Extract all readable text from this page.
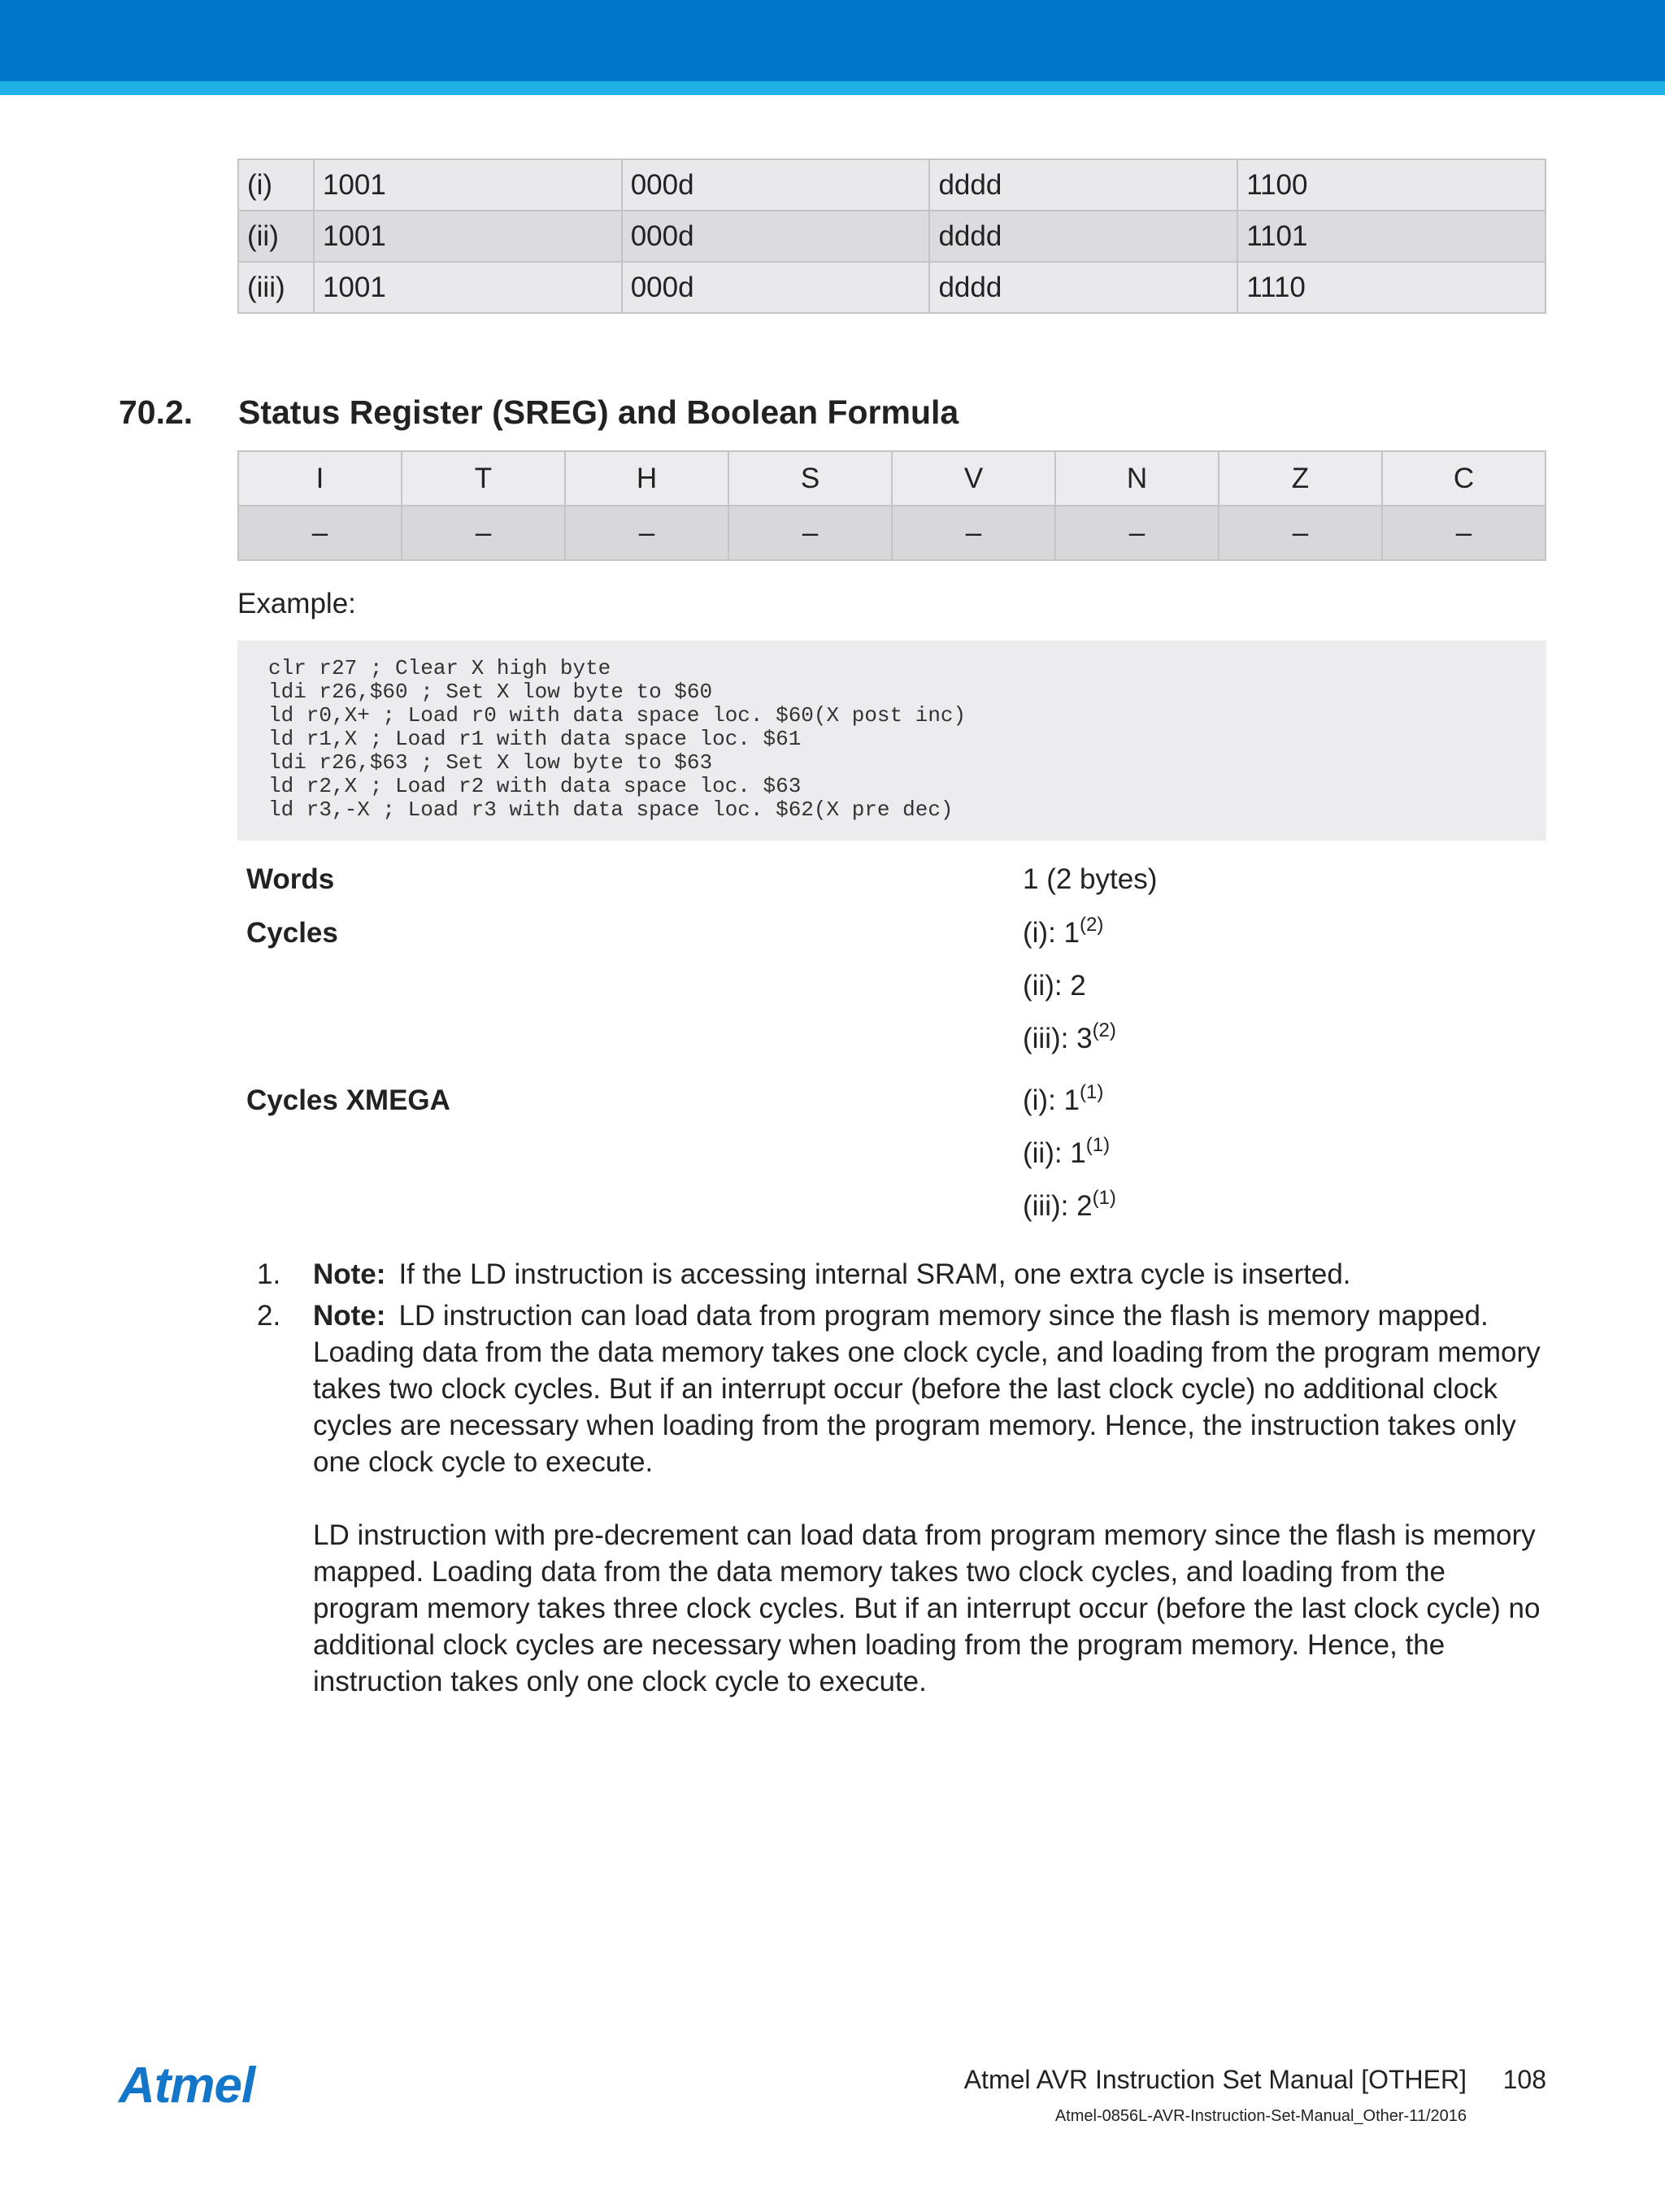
(i)	1001	000d	dddd	1100
(ii)	1001	000d	dddd	1101
(iii)	1001	000d	dddd	1110
70.2. Status Register (SREG) and Boolean Formula
I	T	H	S	V	N	Z	C
–	–	–	–	–	–	–	–
Example:
clr r27 ; Clear X high byte
ldi r26,$60 ; Set X low byte to $60
ld r0,X+ ; Load r0 with data space loc. $60(X post inc)
ld r1,X ; Load r1 with data space loc. $61
ldi r26,$63 ; Set X low byte to $63
ld r2,X ; Load r2 with data space loc. $63
ld r3,-X ; Load r3 with data space loc. $62(X pre dec)
Words	1 (2 bytes)
Cycles	(i): 1$^{(2)}$
(ii): 2
(iii): 3$^{(2)}$
Cycles XMEGA	(i): 1$^{(1)}$
(ii): 1$^{(1)}$
(iii): 2$^{(1)}$
1. Note: If the LD instruction is accessing internal SRAM, one extra cycle is inserted.
2. Note: LD instruction can load data from program memory since the flash is memory mapped. Loading data from the data memory takes one clock cycle, and loading from the program memory takes two clock cycles. But if an interrupt occur (before the last clock cycle) no additional clock cycles are necessary when loading from the program memory. Hence, the instruction takes only one clock cycle to execute.
LD instruction with pre-decrement can load data from program memory since the flash is memory mapped. Loading data from the data memory takes two clock cycles, and loading from the program memory takes three clock cycles. But if an interrupt occur (before the last clock cycle) no additional clock cycles are necessary when loading from the program memory. Hence, the instruction takes only one clock cycle to execute.
Atmel	Atmel AVR Instruction Set Manual [OTHER] 108
Atmel-0856L-AVR-Instruction-Set-Manual_Other-11/2016
